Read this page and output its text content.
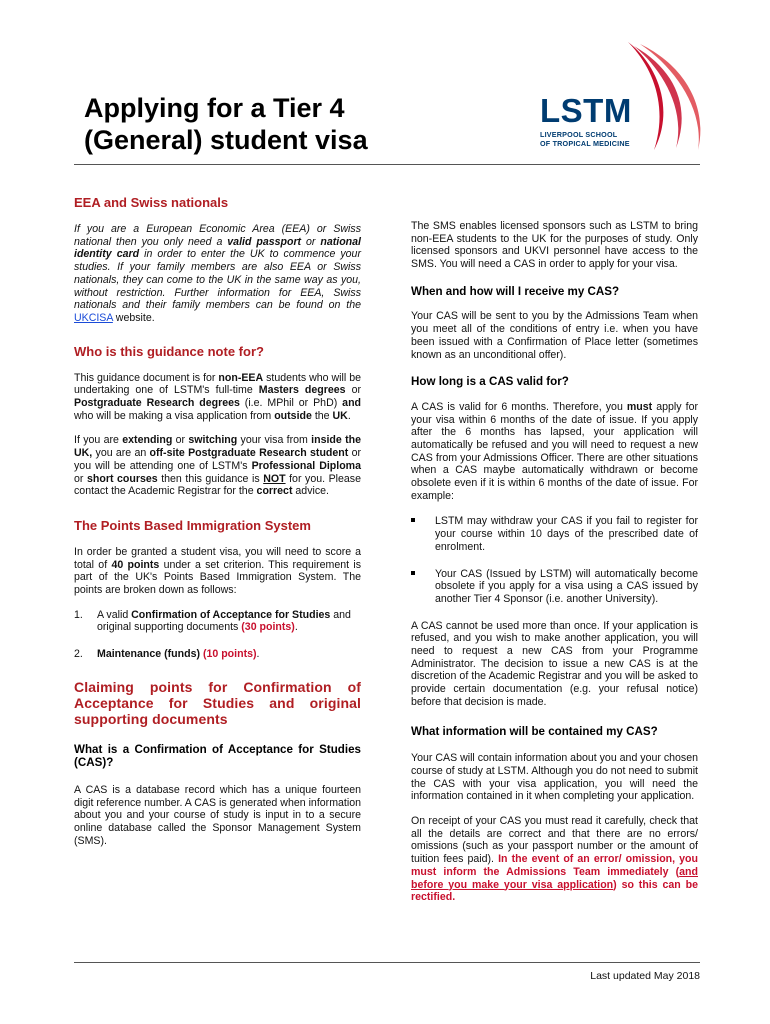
LSTM
LIVERPOOL SCHOOL
OF TROPICAL MEDICINE
Applying for a Tier 4
(General) student visa
EEA and Swiss nationals

If you are a European Economic Area (EEA) or Swiss national then you only need a valid passport or national identity card in order to enter the UK to commence your studies. If your family members are also EEA or Swiss nationals, they can come to the UK in the same way as you, without restriction. Further information for EEA, Swiss nationals and their family members can be found on the UKCISA website.

Who is this guidance note for?

This guidance document is for non-EEA students who will be undertaking one of LSTM's full-time Masters degrees or Postgraduate Research degrees (i.e. MPhil or PhD) and who will be making a visa application from outside the UK.

If you are extending or switching your visa from inside the UK, you are an off-site Postgraduate Research student or you will be attending one of LSTM's Professional Diploma or short courses then this guidance is NOT for you. Please contact the Academic Registrar for the correct advice.

The Points Based Immigration System

In order be granted a student visa, you will need to score a total of 40 points under a set criterion. This requirement is part of the UK's Points Based Immigration System. The points are broken down as follows:

1. A valid Confirmation of Acceptance for Studies and original supporting documents (30 points).
2. Maintenance (funds) (10 points).
Claiming points for Confirmation of Acceptance for Studies and original supporting documents
What is a Confirmation of Acceptance for Studies (CAS)?

A CAS is a database record which has a unique fourteen digit reference number. A CAS is generated when information about you and your course of study is input in to a secure online database called the Sponsor Management System (SMS).

The SMS enables licensed sponsors such as LSTM to bring non-EEA students to the UK for the purposes of study. Only licensed sponsors and UKVI personnel have access to the SMS. You will need a CAS in order to apply for your visa.

When and how will I receive my CAS?

Your CAS will be sent to you by the Admissions Team when you meet all of the conditions of entry i.e. when you have been issued with a Confirmation of Place letter (sometimes known as an unconditional offer).

How long is a CAS valid for?

A CAS is valid for 6 months. Therefore, you must apply for your visa within 6 months of the date of issue. If you apply after the 6 months has lapsed, your application will automatically be refused and you will need to request a new CAS from your Admissions Officer. There are other situations when a CAS maybe automatically withdrawn or become obsolete even if it is within 6 months of the date of issue. For example:

LSTM may withdraw your CAS if you fail to register for your course within 10 days of the prescribed date of enrolment.
Your CAS (Issued by LSTM) will automatically become obsolete if you apply for a visa using a CAS issued by another Tier 4 Sponsor (i.e. another University).

A CAS cannot be used more than once. If your application is refused, and you wish to make another application, you will need to request a new CAS from your Programme Administrator. The decision to issue a new CAS is at the discretion of the Academic Registrar and you will be asked to provide certain documentation (e.g. your refusal notice) before that decision is made.

What information will be contained my CAS?

Your CAS will contain information about you and your chosen course of study at LSTM. Although you do not need to submit the CAS with your visa application, you will need the information contained in it when completing your application.

On receipt of your CAS you must read it carefully, check that all the details are correct and that there are no errors/ omissions (such as your passport number or the amount of tuition fees paid). In the event of an error/ omission, you must inform the Admissions Team immediately (and before you make your visa application) so this can be rectified.

Last updated May 2018
